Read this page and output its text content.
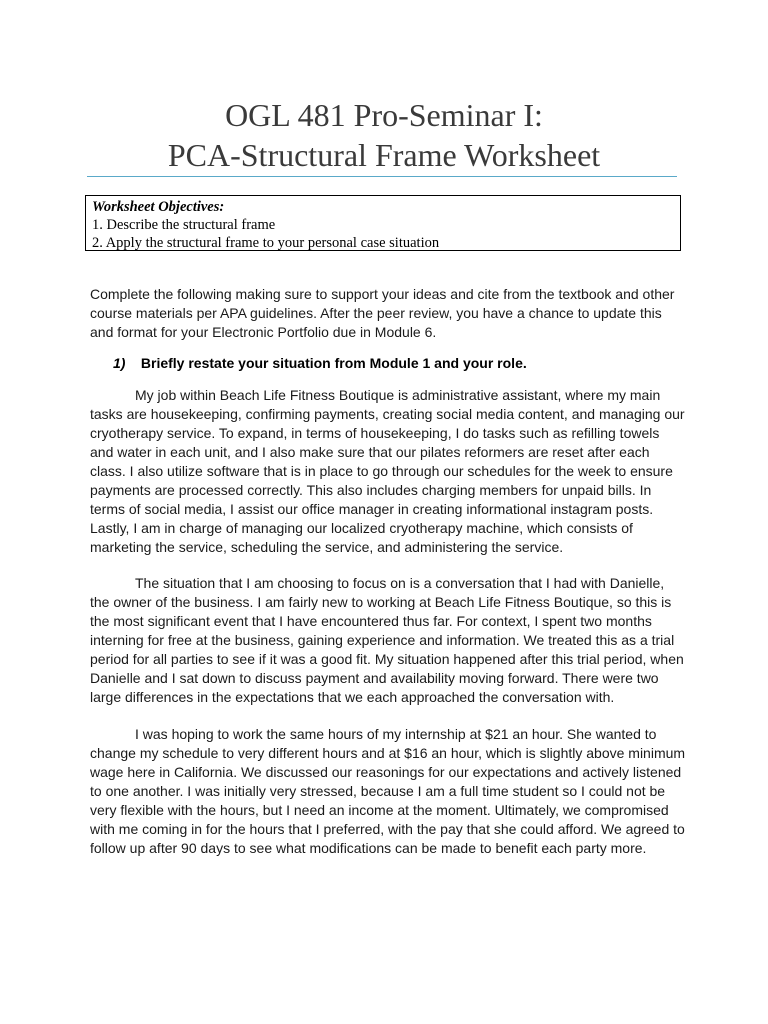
OGL 481 Pro-Seminar I:
PCA-Structural Frame Worksheet
Worksheet Objectives:
1. Describe the structural frame
2. Apply the structural frame to your personal case situation
Complete the following making sure to support your ideas and cite from the textbook and other
course materials per APA guidelines. After the peer review, you have a chance to update this
and format for your Electronic Portfolio due in Module 6.
1) Briefly restate your situation from Module 1 and your role.
My job within Beach Life Fitness Boutique is administrative assistant, where my main
tasks are housekeeping, confirming payments, creating social media content, and managing our
cryotherapy service. To expand, in terms of housekeeping, I do tasks such as refilling towels
and water in each unit, and I also make sure that our pilates reformers are reset after each
class. I also utilize software that is in place to go through our schedules for the week to ensure
payments are processed correctly. This also includes charging members for unpaid bills. In
terms of social media, I assist our office manager in creating informational instagram posts.
Lastly, I am in charge of managing our localized cryotherapy machine, which consists of
marketing the service, scheduling the service, and administering the service.
The situation that I am choosing to focus on is a conversation that I had with Danielle,
the owner of the business. I am fairly new to working at Beach Life Fitness Boutique, so this is
the most significant event that I have encountered thus far. For context, I spent two months
interning for free at the business, gaining experience and information. We treated this as a trial
period for all parties to see if it was a good fit. My situation happened after this trial period, when
Danielle and I sat down to discuss payment and availability moving forward. There were two
large differences in the expectations that we each approached the conversation with.
I was hoping to work the same hours of my internship at $21 an hour. She wanted to
change my schedule to very different hours and at $16 an hour, which is slightly above minimum
wage here in California. We discussed our reasonings for our expectations and actively listened
to one another. I was initially very stressed, because I am a full time student so I could not be
very flexible with the hours, but I need an income at the moment. Ultimately, we compromised
with me coming in for the hours that I preferred, with the pay that she could afford. We agreed to
follow up after 90 days to see what modifications can be made to benefit each party more.
